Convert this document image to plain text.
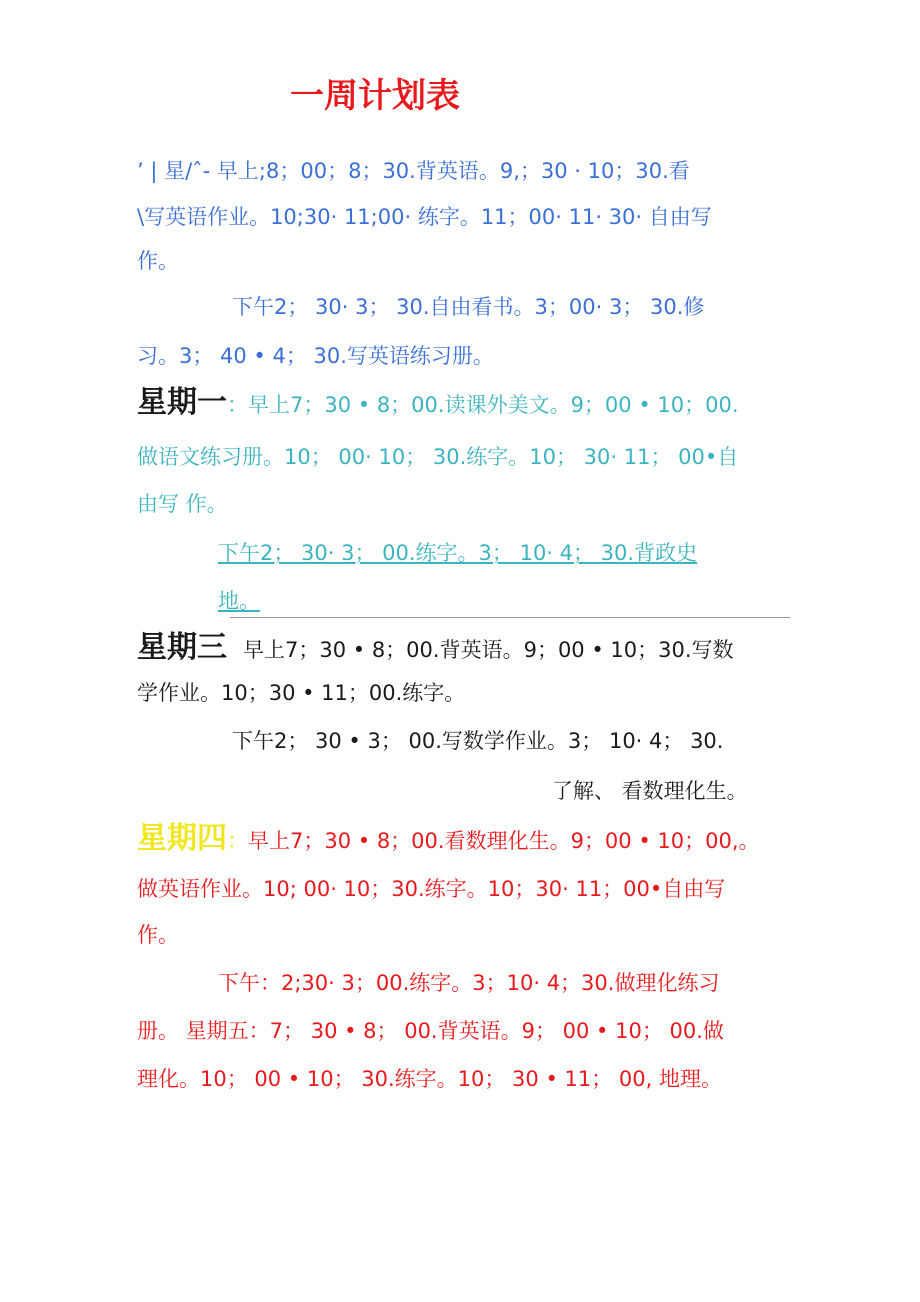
一周计划表
’ | 星/ˆ- 早上;8；00；8；30.背英语。9,；30 · 10；30.看
\写英语作业。10;30· 11;00· 练字。11；00· 11· 30· 自由写
作。
下午2； 30· 3； 30.自由看书。3；00· 3； 30.修
习。3； 40 • 4； 30.写英语练习册。
星期一：早上7；30 • 8；00.读课外美文。9；00 • 10；00.
做语文练习册。10； 00· 10； 30.练字。10； 30· 11； 00•自
由写 作。
下午2； 30· 3； 00.练字。3； 10· 4； 30.背政史
地。
星期三 早上7；30 • 8；00.背英语。9；00 • 10；30.写数
学作业。10；30 • 11；00.练字。
下午2； 30 • 3； 00.写数学作业。3； 10· 4； 30.
了解、 看数理化生。
星期四：早上7；30 • 8；00.看数理化生。9；00 • 10；00,。
做英语作业。10; 00· 10；30.练字。10；30· 11；00•自由写
作。
下午：2;30· 3；00.练字。3；10· 4；30.做理化练习
册。 星期五：7； 30 • 8； 00.背英语。9； 00 • 10； 00.做
理化。10； 00 • 10； 30.练字。10； 30 • 11； 00, 地理。
